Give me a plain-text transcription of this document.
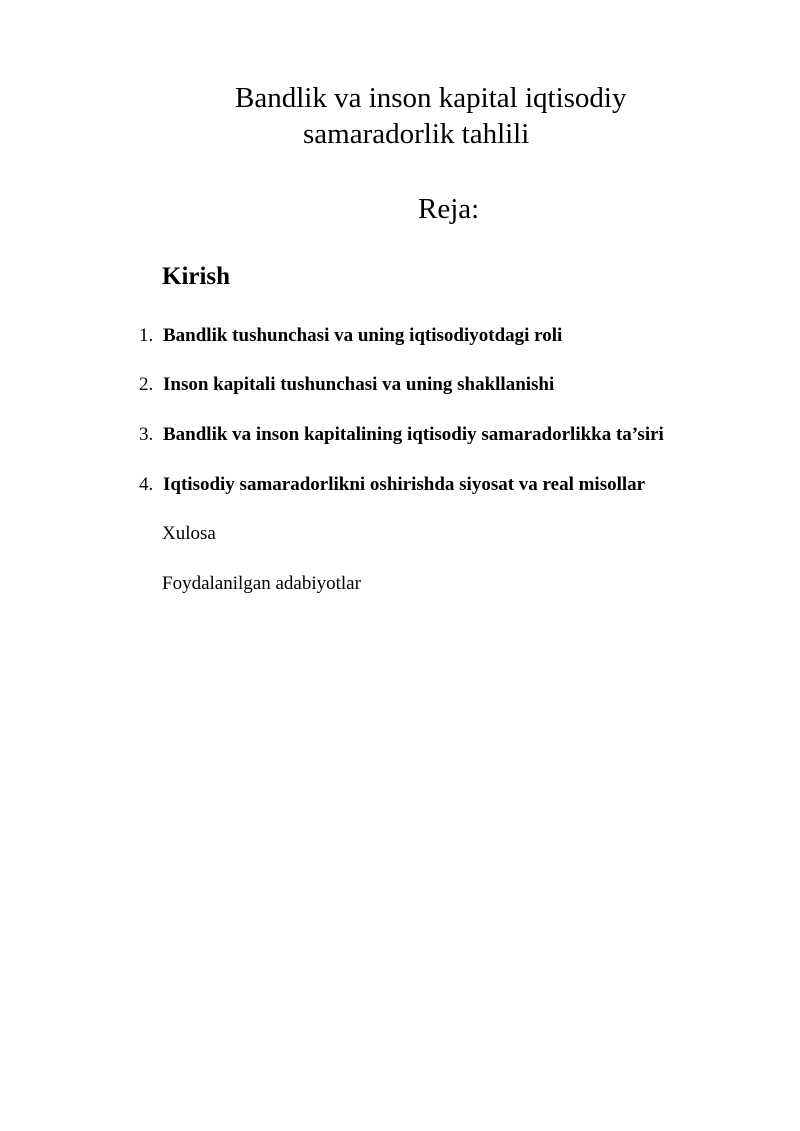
Bandlik va inson kapital iqtisodiy
samaradorlik tahlili
Reja:
Kirish
1. Bandlik tushunchasi va uning iqtisodiyotdagi roli
2. Inson kapitali tushunchasi va uning shakllanishi
3. Bandlik va inson kapitalining iqtisodiy samaradorlikka ta’siri
4. Iqtisodiy samaradorlikni oshirishda siyosat va real misollar
Xulosa
Foydalanilgan adabiyotlar
